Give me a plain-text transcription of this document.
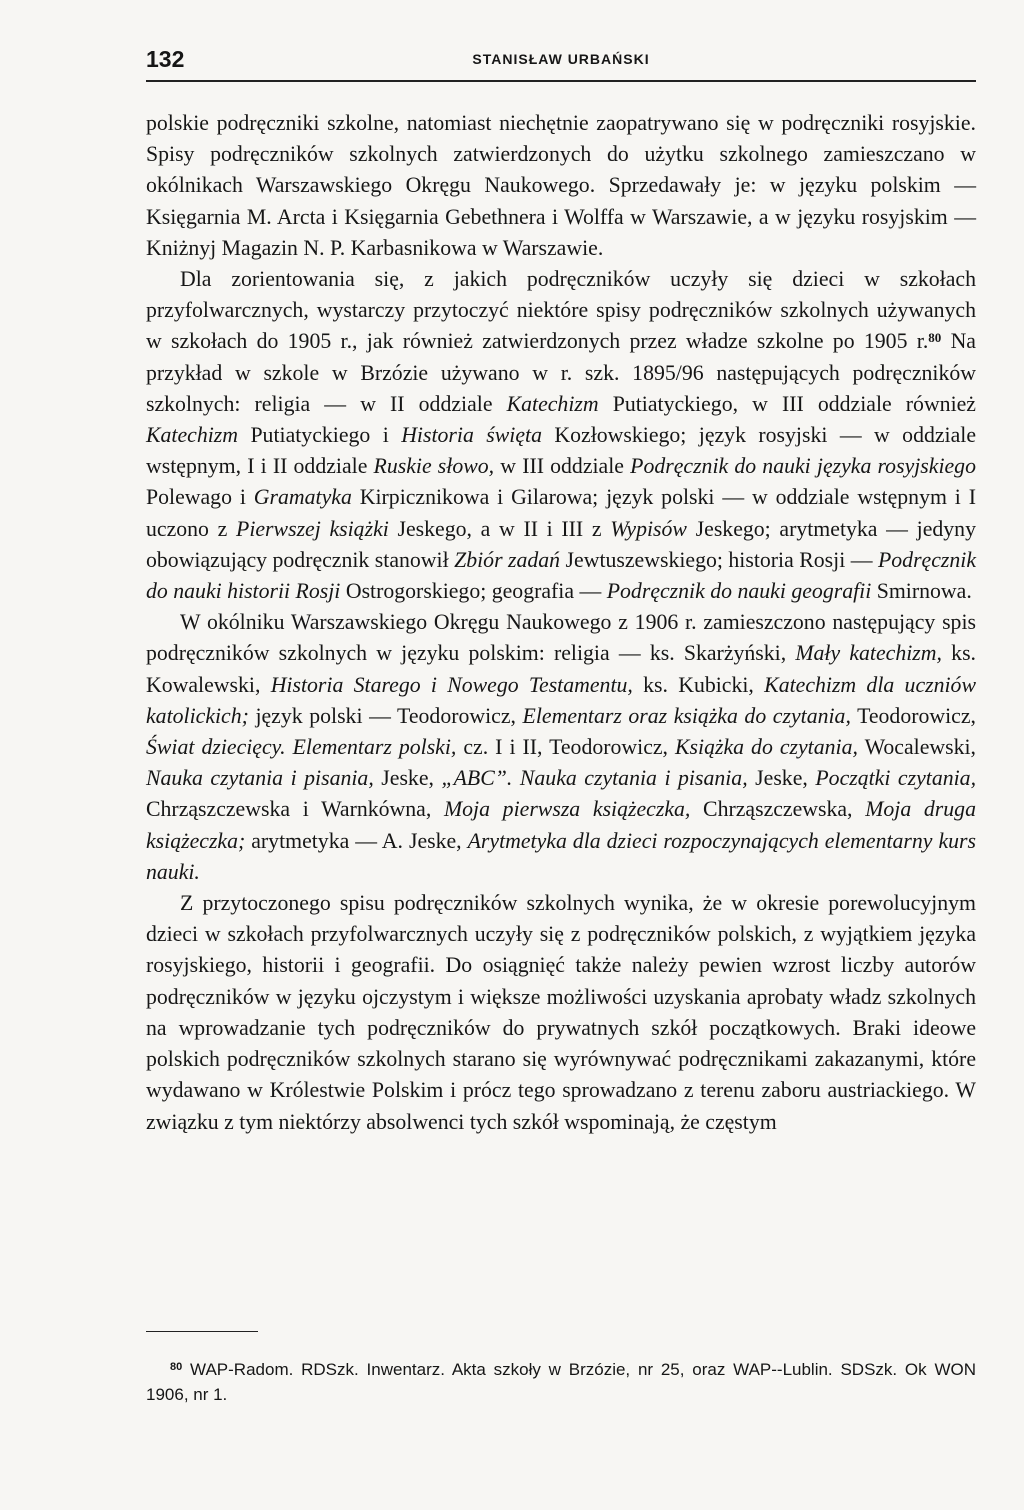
132	STANISŁAW URBAŃSKI

polskie podręczniki szkolne, natomiast niechętnie zaopatrywano się w podręczniki rosyjskie. Spisy podręczników szkolnych zatwierdzonych do użytku szkolnego zamieszczano w okólnikach Warszawskiego Okręgu Naukowego. Sprzedawały je: w języku polskim — Księgarnia M. Arcta i Księgarnia Gebethnera i Wolffa w Warszawie, a w języku rosyjskim — Kniżnyj Magazin N. P. Karbasnikowa w Warszawie.

Dla zorientowania się, z jakich podręczników uczyły się dzieci w szkołach przyfolwarcznych, wystarczy przytoczyć niektóre spisy podręczników szkolnych używanych w szkołach do 1905 r., jak również zatwierdzonych przez władze szkolne po 1905 r.$^{80}$ Na przykład w szkole w Brzózie używano w r. szk. 1895/96 następujących podręczników szkolnych: religia — w II oddziale Katechizm Putiatyckiego, w III oddziale również Katechizm Putiatyckiego i Historia święta Kozłowskiego; język rosyjski — w oddziale wstępnym, I i II oddziale Ruskie słowo, w III oddziale Podręcznik do nauki języka rosyjskiego Polewago i Gramatyka Kirpicznikowa i Gilarowa; język polski — w oddziale wstępnym i I uczono z Pierwszej książki Jeskego, a w II i III z Wypisów Jeskego; arytmetyka — jedyny obowiązujący podręcznik stanowił Zbiór zadań Jewtuszewskiego; historia Rosji — Podręcznik do nauki historii Rosji Ostrogorskiego; geografia — Podręcznik do nauki geografii Smirnowa.

W okólniku Warszawskiego Okręgu Naukowego z 1906 r. zamieszczono następujący spis podręczników szkolnych w języku polskim: religia — ks. Skarżyński, Mały katechizm, ks. Kowalewski, Historia Starego i Nowego Testamentu, ks. Kubicki, Katechizm dla uczniów katolickich; język polski — Teodorowicz, Elementarz oraz książka do czytania, Teodorowicz, Świat dziecięcy. Elementarz polski, cz. I i II, Teodorowicz, Książka do czytania, Wocalewski, Nauka czytania i pisania, Jeske, „ABC”. Nauka czytania i pisania, Jeske, Początki czytania, Chrząszczewska i Warnkówna, Moja pierwsza książeczka, Chrząszczewska, Moja druga książeczka; arytmetyka — A. Jeske, Arytmetyka dla dzieci rozpoczynających elementarny kurs nauki.

Z przytoczonego spisu podręczników szkolnych wynika, że w okresie porewolucyjnym dzieci w szkołach przyfolwarcznych uczyły się z podręczników polskich, z wyjątkiem języka rosyjskiego, historii i geografii. Do osiągnięć także należy pewien wzrost liczby autorów podręczników w języku ojczystym i większe możliwości uzyskania aprobaty władz szkolnych na wprowadzanie tych podręczników do prywatnych szkół początkowych. Braki ideowe polskich podręczników szkolnych starano się wyrównywać podręcznikami zakazanymi, które wydawano w Królestwie Polskim i prócz tego sprowadzano z terenu zaboru austriackiego. W związku z tym niektórzy absolwenci tych szkół wspominają, że częstym

$^{80}$ WAP-Radom. RDSzk. Inwentarz. Akta szkoły w Brzózie, nr 25, oraz WAP--Lublin. SDSzk. Ok WON 1906, nr 1.
